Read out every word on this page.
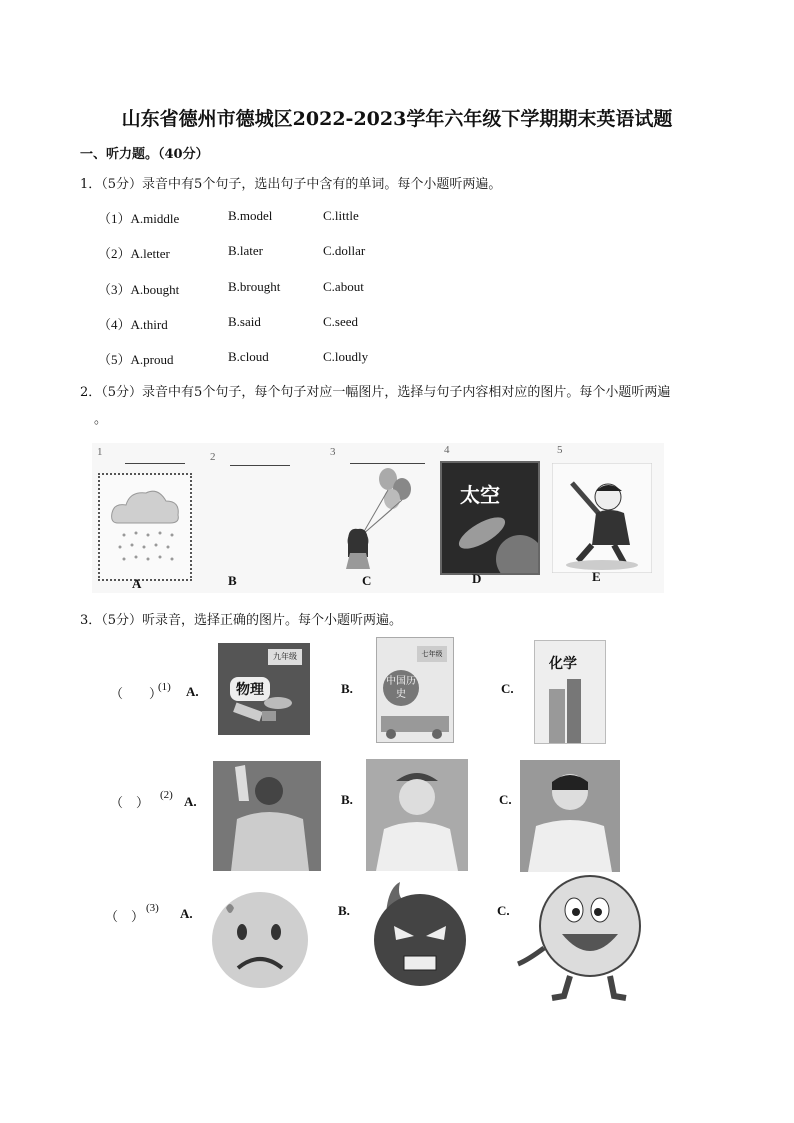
山东省德州市德城区2022-2023学年六年级下学期期末英语试题
一、听力题。（40分）
1．（5分）录音中有5个句子，选出句子中含有的单词。每个小题听两遍。
（1）A.middle	B.model	C.little
（2）A.letter	B.later	C.dollar
（3）A.bought	B.brought	C.about
（4）A.third	B.said	C.seed
（5）A.proud	B.cloud	C.loudly
2．（5分）录音中有5个句子，每个句子对应一幅图片，选择与句子内容相对应的图片。每个小题听两遍
。
1	2	3	4	5
太空
A	B	C	D	E
3．（5分）听录音，选择正确的图片。每个小题听两遍。
（　　）
(1) A.
九年级
物理	B.
七年级
中国历史	C.
化学
（　） (2) A.	B.	C.
（　）
(3) A.	B.	C.
